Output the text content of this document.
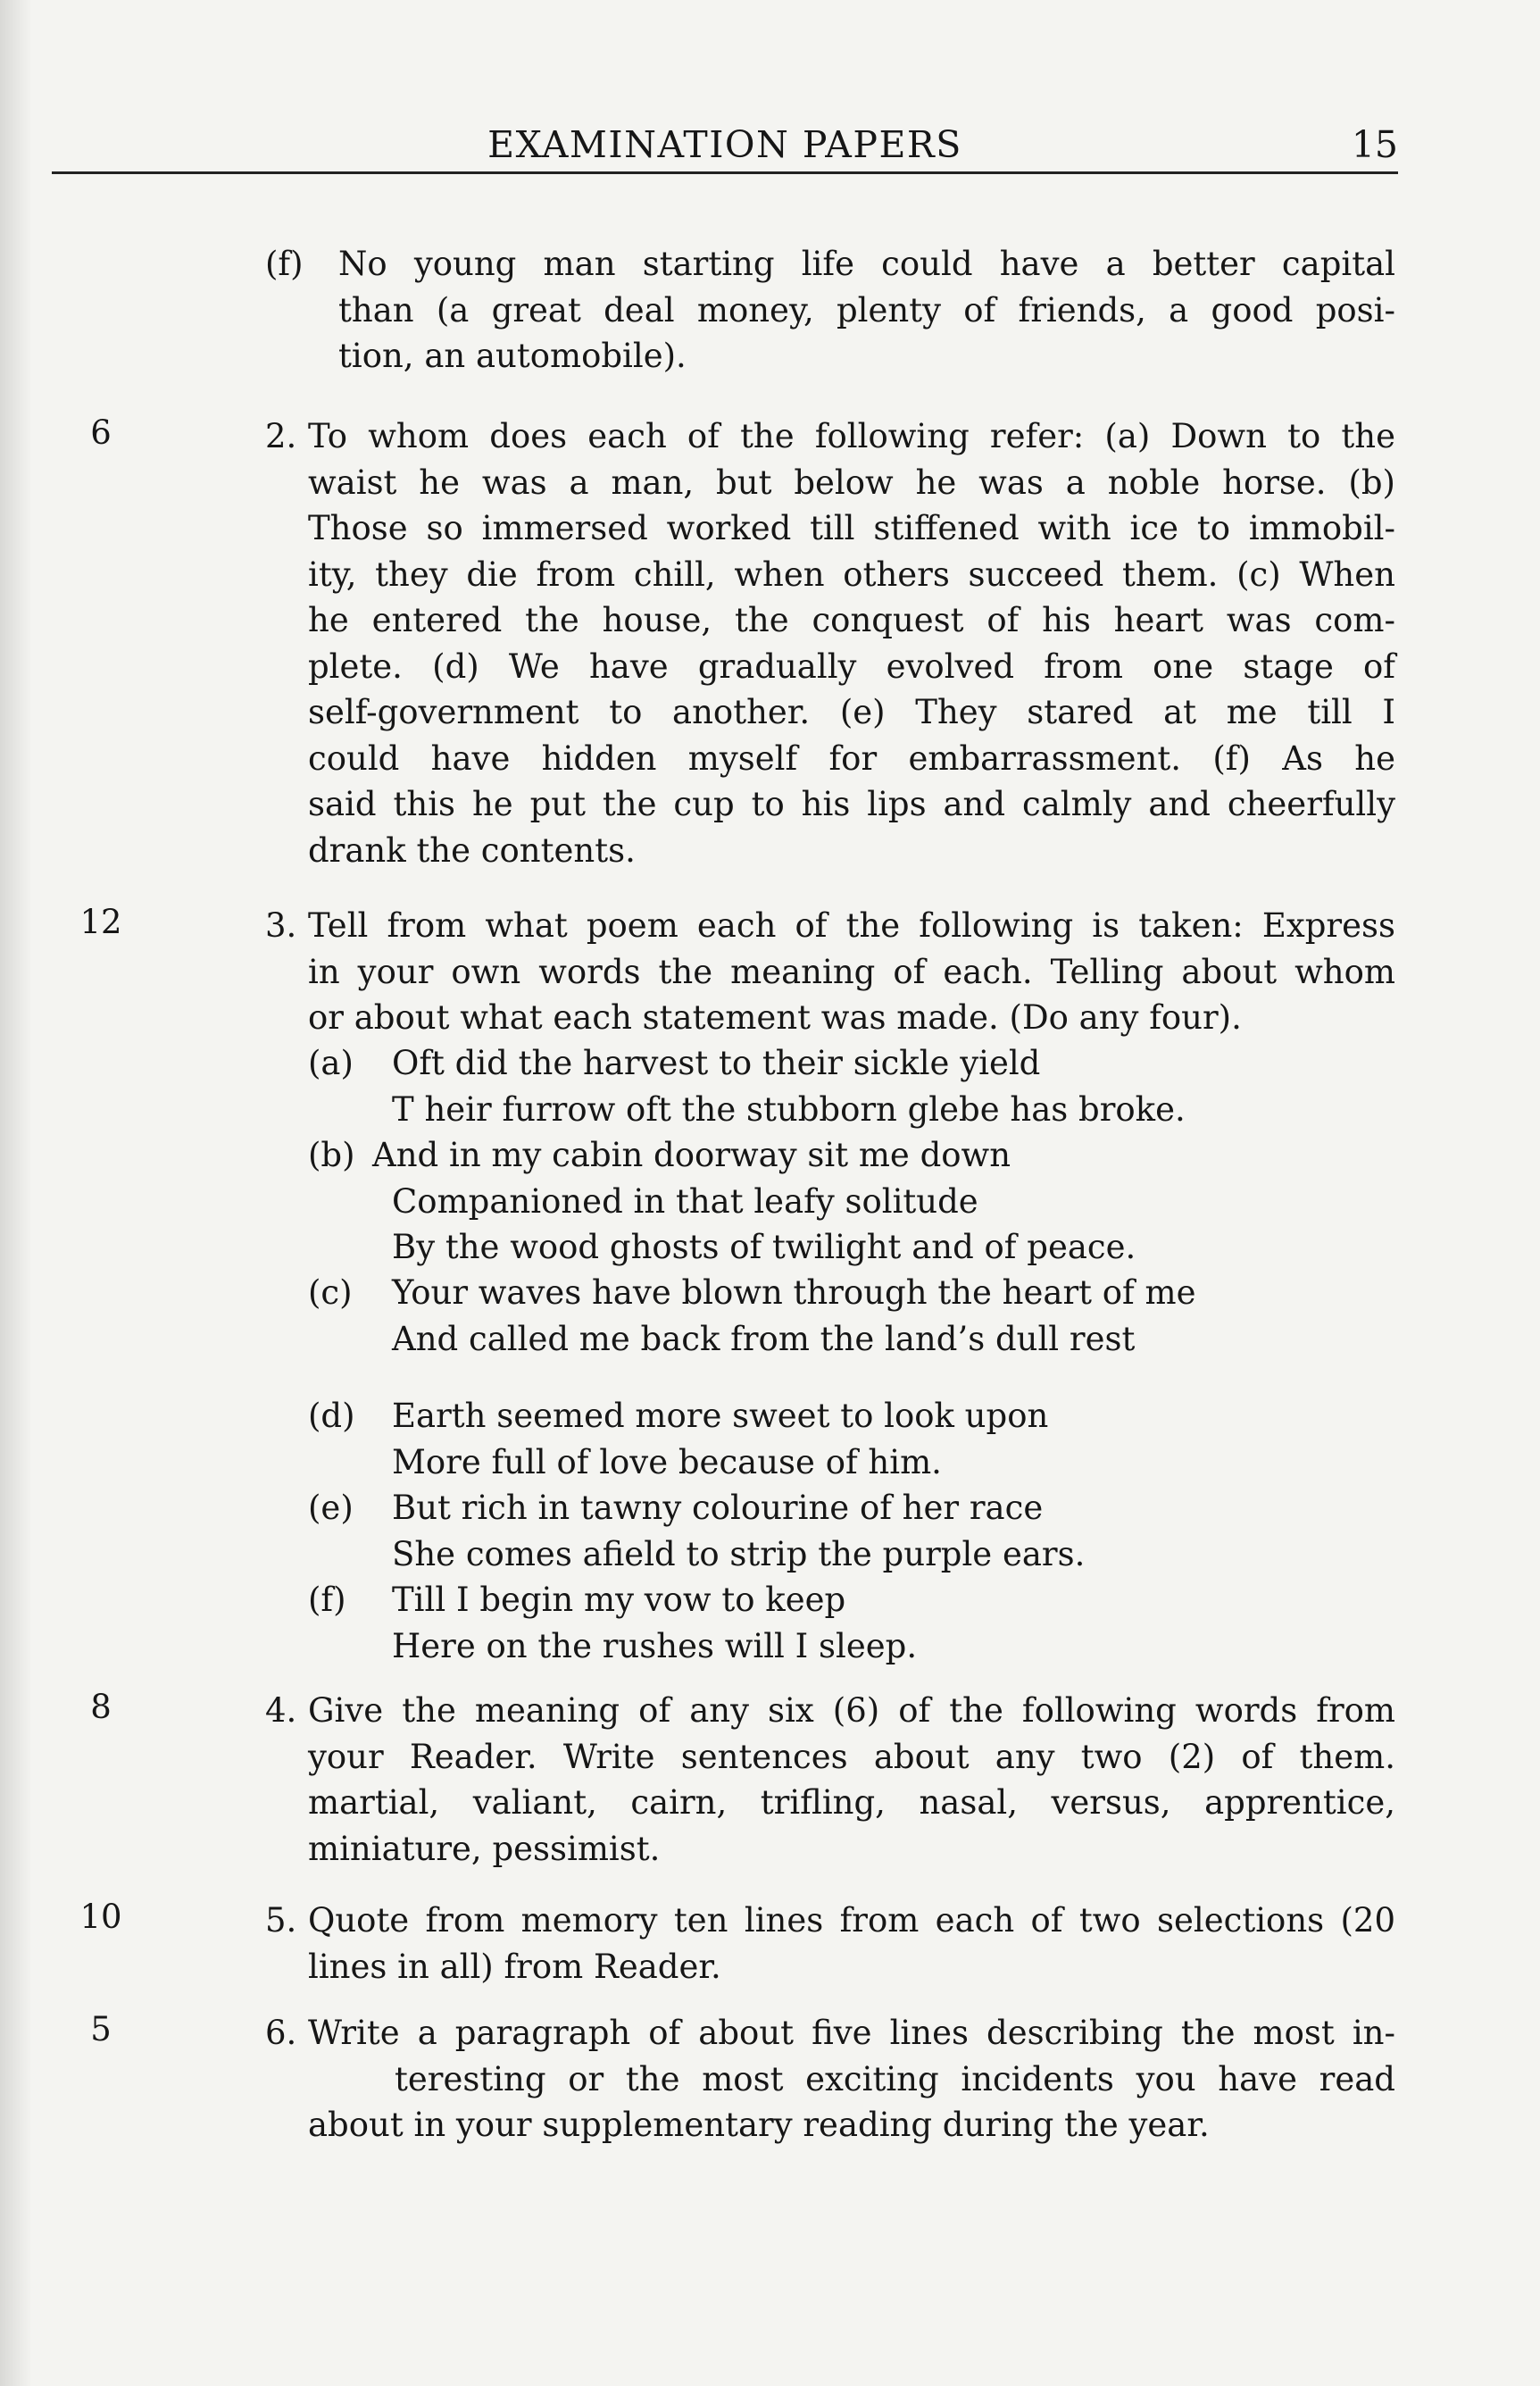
EXAMINATION PAPERS	15
(f) No young man starting life could have a better capital
than (a great deal money, plenty of friends, a good posi-
tion, an automobile).
6	2. To whom does each of the following refer: (a) Down to the
waist he was a man, but below he was a noble horse. (b)
Those so immersed worked till stiffened with ice to immobil-
ity, they die from chill, when others succeed them. (c) When
he entered the house, the conquest of his heart was com-
plete. (d) We have gradually evolved from one stage of
self-government to another. (e) They stared at me till I
could have hidden myself for embarrassment. (f) As he
said this he put the cup to his lips and calmly and cheerfully
drank the contents.
12	3. Tell from what poem each of the following is taken: Express
in your own words the meaning of each. Telling about whom
or about what each statement was made. (Do any four).
(a) Oft did the harvest to their sickle yield
T heir furrow oft the stubborn glebe has broke.
(b) And in my cabin doorway sit me down
Companioned in that leafy solitude
By the wood ghosts of twilight and of peace.
(c) Your waves have blown through the heart of me
And called me back from the land’s dull rest
(d) Earth seemed more sweet to look upon
More full of love because of him.
(e) But rich in tawny colourine of her race
She comes afield to strip the purple ears.
(f) Till I begin my vow to keep
Here on the rushes will I sleep.
8	4. Give the meaning of any six (6) of the following words from
your Reader. Write sentences about any two (2) of them.
martial, valiant, cairn, trifling, nasal, versus, apprentice,
miniature, pessimist.
10	5. Quote from memory ten lines from each of two selections (20
lines in all) from Reader.
5	6. Write a paragraph of about five lines describing the most in-
teresting or the most exciting incidents you have read
about in your supplementary reading during the year.
